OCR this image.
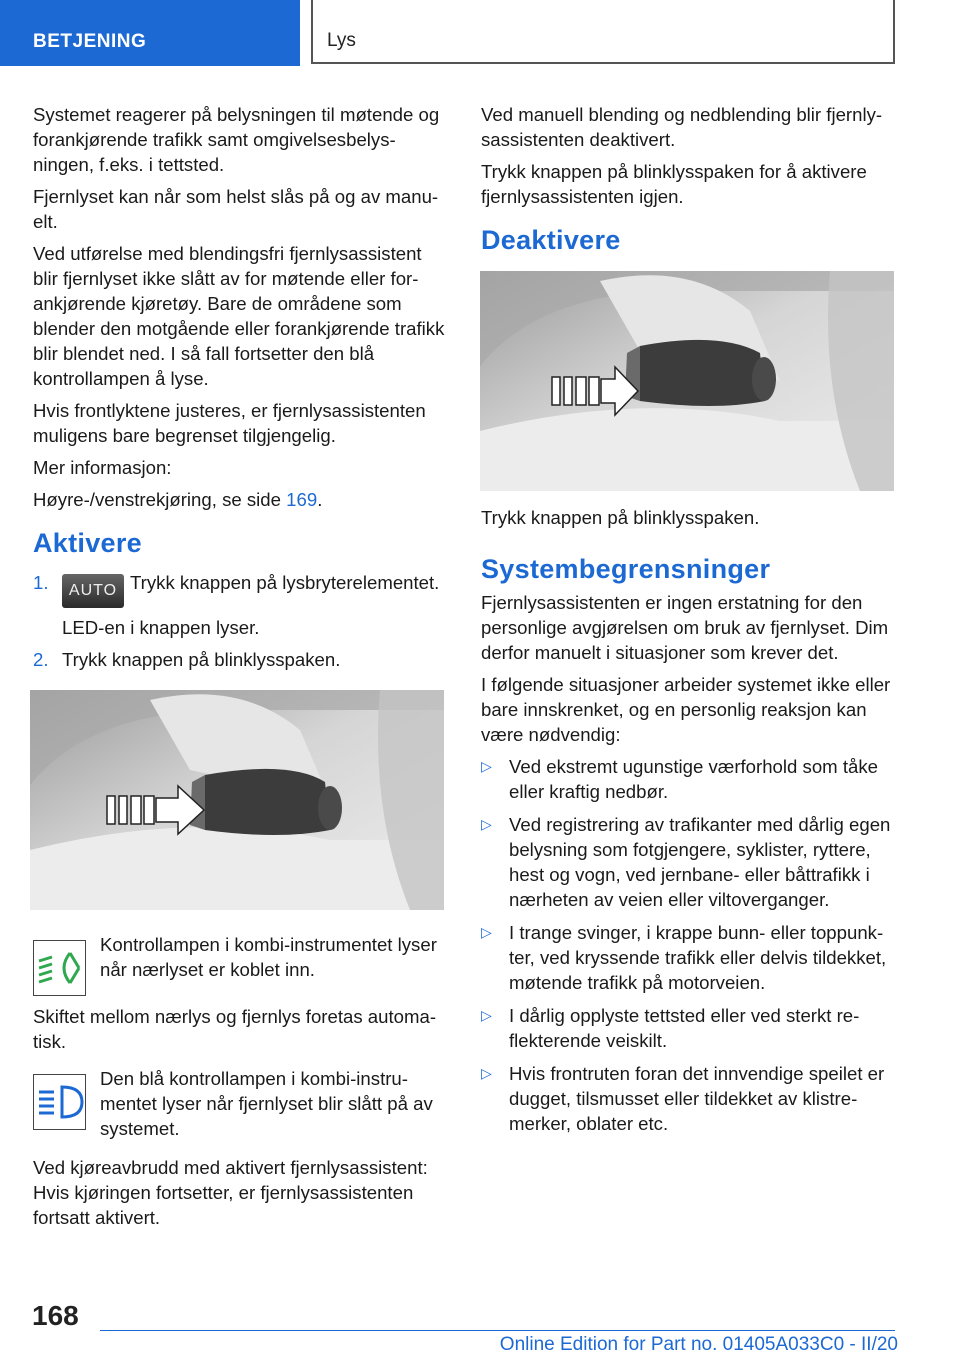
BETJENING	Lys

Systemet reagerer på belysningen til møtende og forankjørende trafikk samt omgivelsesbelysningen, f.eks. i tettsted.

Fjernlyset kan når som helst slås på og av manuelt.

Ved utførelse med blendingsfri fjernlysassistent blir fjernlyset ikke slått av for møtende eller forankjørende kjøretøy. Bare de områdene som blender den motgående eller forankjørende trafikk blir blendet ned. I så fall fortsetter den blå kontrollampen å lyse.

Hvis frontlyktene justeres, er fjernlysassistenten muligens bare begrenset tilgjengelig.

Mer informasjon:

Høyre-/venstrekjøring, se side 169.

Aktivere
1. AUTO Trykk knappen på lysbryterelementet.
LED-en i knappen lyser.
2. Trykk knappen på blinklysspaken.
Kontrollampen i kombi-instrumentet lyser når nærlyset er koblet inn.

Skiftet mellom nærlys og fjernlys foretas automatisk.

Den blå kontrollampen i kombi-instrumentet lyser når fjernlyset blir slått på av systemet.

Ved kjøreavbrudd med aktivert fjernlysassistent: Hvis kjøringen fortsetter, er fjernlysassistenten fortsatt aktivert.

Ved manuell blending og nedblending blir fjernlysassistenten deaktivert.

Trykk knappen på blinklysspaken for å aktivere fjernlysassistenten igjen.

Deaktivere

Trykk knappen på blinklysspaken.

Systembegrensninger

Fjernlysassistenten er ingen erstatning for den personlige avgjørelsen om bruk av fjernlyset. Dim derfor manuelt i situasjoner som krever det.

I følgende situasjoner arbeider systemet ikke eller bare innskrenket, og en personlig reaksjon kan være nødvendig:

▷ Ved ekstremt ugunstige værforhold som tåke eller kraftig nedbør.
▷ Ved registrering av trafikanter med dårlig egen belysning som fotgjengere, syklister, ryttere, hest og vogn, ved jernbane- eller båttrafikk i nærheten av veien eller viltoverganger.
▷ I trange svinger, i krappe bunn- eller toppunkter, ved kryssende trafikk eller delvis tildekket, møtende trafikk på motorveien.
▷ I dårlig opplyste tettsted eller ved sterkt reflekterende veiskilt.
▷ Hvis frontruten foran det innvendige speilet er dugget, tilsmusset eller tildekket av klistremerker, oblater etc.
168
Online Edition for Part no. 01405A033C0 - II/20
